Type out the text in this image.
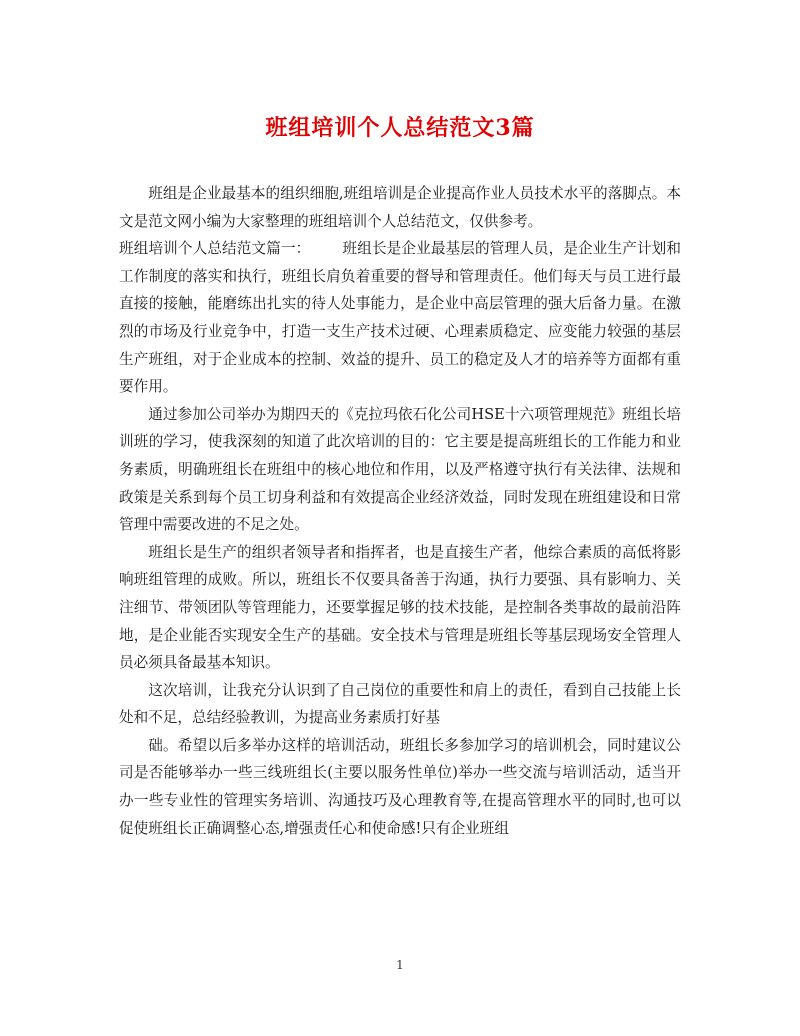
班组培训个人总结范文3篇

班组是企业最基本的组织细胞,班组培训是企业提高作业人员技术水平的落脚点。本文是范文网小编为大家整理的班组培训个人总结范文，仅供参考。

班组培训个人总结范文篇一： 班组长是企业最基层的管理人员，是企业生产计划和工作制度的落实和执行，班组长肩负着重要的督导和管理责任。他们每天与员工进行最直接的接触，能磨练出扎实的待人处事能力，是企业中高层管理的强大后备力量。在激烈的市场及行业竞争中，打造一支生产技术过硬、心理素质稳定、应变能力较强的基层生产班组，对于企业成本的控制、效益的提升、员工的稳定及人才的培养等方面都有重要作用。

通过参加公司举办为期四天的《克拉玛依石化公司HSE十六项管理规范》班组长培训班的学习，使我深刻的知道了此次培训的目的：它主要是提高班组长的工作能力和业务素质，明确班组长在班组中的核心地位和作用，以及严格遵守执行有关法律、法规和政策是关系到每个员工切身利益和有效提高企业经济效益，同时发现在班组建设和日常管理中需要改进的不足之处。

班组长是生产的组织者领导者和指挥者，也是直接生产者，他综合素质的高低将影响班组管理的成败。所以，班组长不仅要具备善于沟通，执行力要强、具有影响力、关注细节、带领团队等管理能力，还要掌握足够的技术技能，是控制各类事故的最前沿阵地，是企业能否实现安全生产的基础。安全技术与管理是班组长等基层现场安全管理人员必须具备最基本知识。

这次培训，让我充分认识到了自己岗位的重要性和肩上的责任，看到自己技能上长处和不足，总结经验教训，为提高业务素质打好基

础。希望以后多举办这样的培训活动，班组长多参加学习的培训机会，同时建议公司是否能够举办一些三线班组长(主要以服务性单位)举办一些交流与培训活动，适当开办一些专业性的管理实务培训、沟通技巧及心理教育等,在提高管理水平的同时,也可以促使班组长正确调整心态,增强责任心和使命感!只有企业班组

1
